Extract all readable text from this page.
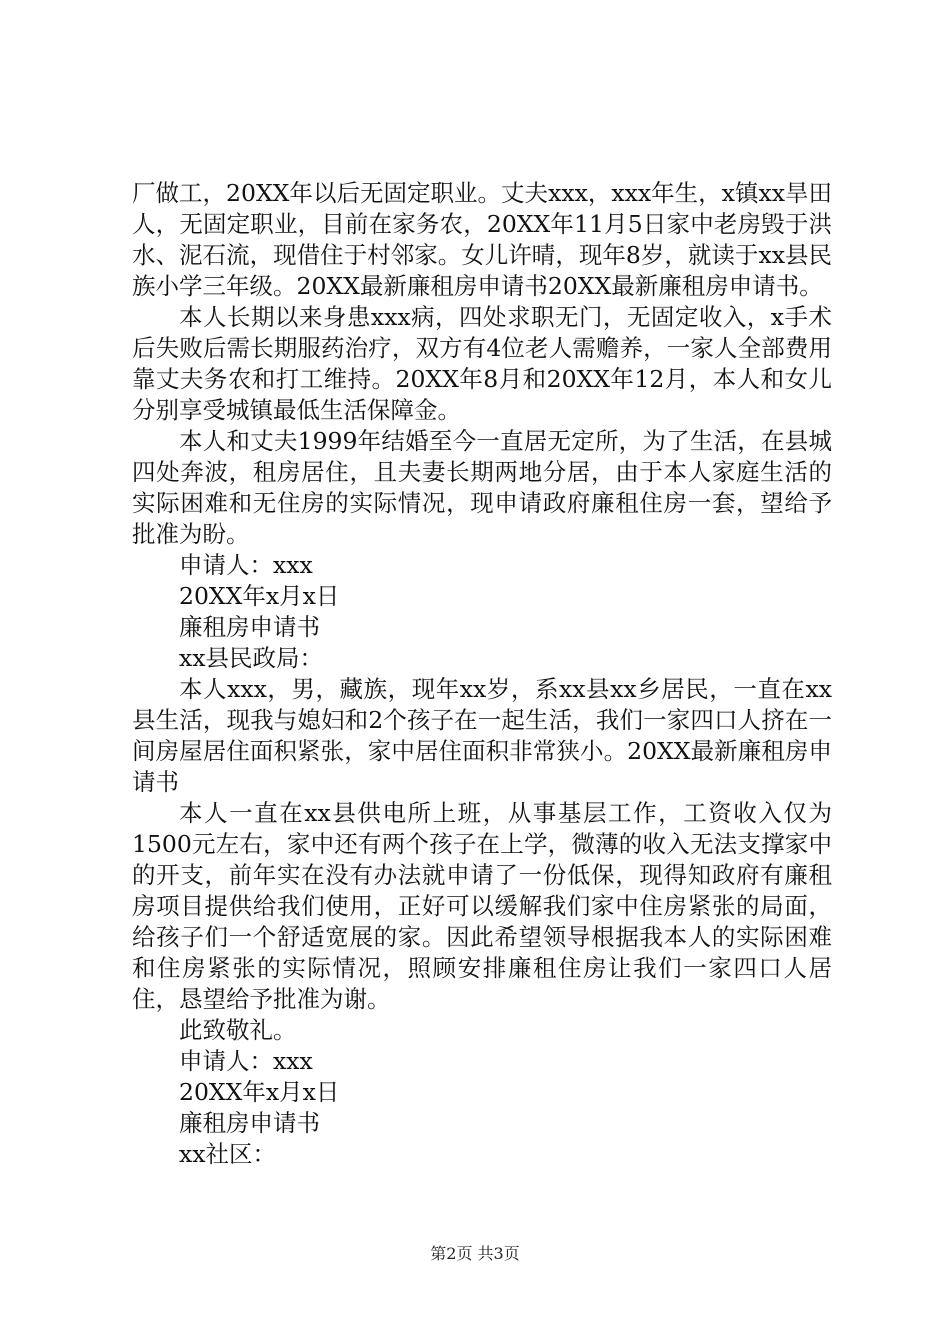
厂做工，20XX年以后无固定职业。丈夫xxx，xxx年生，x镇xx旱田人，无固定职业，目前在家务农，20XX年11月5日家中老房毁于洪水、泥石流，现借住于村邻家。女儿许晴，现年8岁，就读于xx县民族小学三年级。20XX最新廉租房申请书20XX最新廉租房申请书。

本人长期以来身患xxx病，四处求职无门，无固定收入，x手术后失败后需长期服药治疗，双方有4位老人需赡养，一家人全部费用靠丈夫务农和打工维持。20XX年8月和20XX年12月，本人和女儿分别享受城镇最低生活保障金。

本人和丈夫1999年结婚至今一直居无定所，为了生活，在县城四处奔波，租房居住，且夫妻长期两地分居，由于本人家庭生活的实际困难和无住房的实际情况，现申请政府廉租住房一套，望给予批准为盼。

申请人：xxx

20XX年x月x日

廉租房申请书

xx县民政局：

本人xxx，男，藏族，现年xx岁，系xx县xx乡居民，一直在xx县生活，现我与媳妇和2个孩子在一起生活，我们一家四口人挤在一间房屋居住面积紧张，家中居住面积非常狭小。20XX最新廉租房申请书

本人一直在xx县供电所上班，从事基层工作，工资收入仅为1500元左右，家中还有两个孩子在上学，微薄的收入无法支撑家中的开支，前年实在没有办法就申请了一份低保，现得知政府有廉租房项目提供给我们使用，正好可以缓解我们家中住房紧张的局面，给孩子们一个舒适宽展的家。因此希望领导根据我本人的实际困难和住房紧张的实际情况，照顾安排廉租住房让我们一家四口人居住，恳望给予批准为谢。

此致敬礼。

申请人：xxx

20XX年x月x日

廉租房申请书

xx社区：

第2页 共3页
